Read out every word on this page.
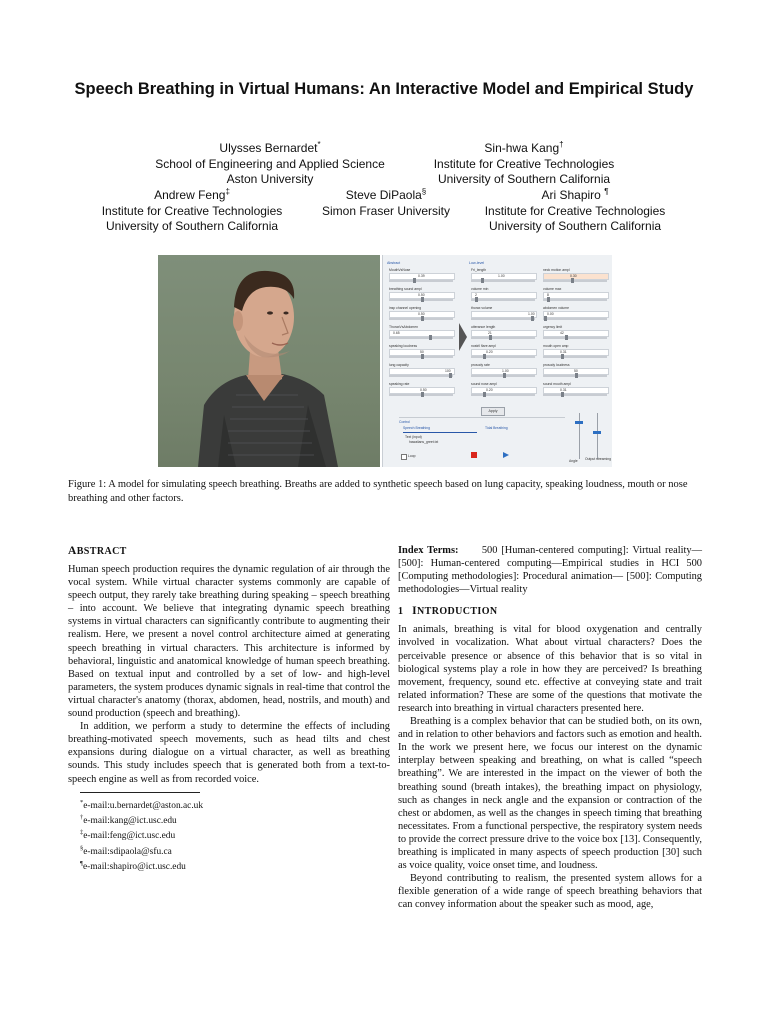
Speech Breathing in Virtual Humans: An Interactive Model and Empirical Study
Ulysses Bernardet*
School of Engineering and Applied Science
Aston University
Sin-hwa Kang†
Institute for Creative Technologies
University of Southern California
Andrew Feng‡
Institute for Creative Technologies
University of Southern California
Steve DiPaola§
Simon Fraser University
Ari Shapiro ¶
Institute for Creative Technologies
University of Southern California
Abstract
MouthVsNose
0.39
breathing sound ampl
0.50
insp channel opening
0.50
ThoraxVsAbdomen
0.65
speaking loudness
50
lung capacity
100
speaking rate
0.50
Low-level
Fri_length
1.00
volume min
2
thorax volume
1.00
utterance length
21
nostril flare ampl
0.20
prosody rate
1.00
sound nose ampl
0.20
neck motion ampl
0.30
volume max
8
abdomen volume
0.00
urgency limit
42
mouth open amp
0.31
prosody loudness
50
sound mouth ampl
0.31
Apply
Control
Speech Breathing	Tidal Breathing
Text (input)
hawaiians_greet.txt
Loop
Angle Output streaming
Figure 1: A model for simulating speech breathing. Breaths are added to synthetic speech based on lung capacity, speaking loudness, mouth or nose breathing and other factors.
ABSTRACT

Human speech production requires the dynamic regulation of air through the vocal system. While virtual character systems commonly are capable of speech output, they rarely take breathing during speaking – speech breathing – into account. We believe that integrating dynamic speech breathing systems in virtual characters can significantly contribute to augmenting their realism. Here, we present a novel control architecture aimed at generating speech breathing in virtual characters. This architecture is informed by behavioral, linguistic and anatomical knowledge of human speech breathing. Based on textual input and controlled by a set of low- and high-level parameters, the system produces dynamic signals in real-time that control the virtual character's anatomy (thorax, abdomen, head, nostrils, and mouth) and sound production (speech and breathing).

In addition, we perform a study to determine the effects of including breathing-motivated speech movements, such as head tilts and chest expansions during dialogue on a virtual character, as well as breathing sounds. This study includes speech that is generated both from a text-to-speech engine as well as from recorded voice.

*e-mail:u.bernardet@aston.ac.uk
†e-mail:kang@ict.usc.edu
‡e-mail:feng@ict.usc.edu
§e-mail:sdipaola@sfu.ca
¶e-mail:shapiro@ict.usc.edu

Index Terms: 500 [Human-centered computing]: Virtual reality— [500]: Human-centered computing—Empirical studies in HCI 500 [Computing methodologies]: Procedural animation— [500]: Computing methodologies—Virtual reality

1 INTRODUCTION

In animals, breathing is vital for blood oxygenation and centrally involved in vocalization. What about virtual characters? Does the perceivable presence or absence of this behavior that is so vital in biological systems play a role in how they are perceived? Is breathing movement, frequency, sound etc. effective at conveying state and trait related information? These are some of the questions that motivate the research into breathing in virtual characters presented here.

Breathing is a complex behavior that can be studied both, on its own, and in relation to other behaviors and factors such as emotion and health. In the work we present here, we focus our interest on the dynamic interplay between speaking and breathing, on what is called “speech breathing”. We are interested in the impact on the viewer of both the breathing sound (breath intakes), the breathing impact on physiology, such as changes in neck angle and the expansion or contraction of the chest or abdomen, as well as the changes in speech timing that breathing necessitates. From a functional perspective, the respiratory system needs to provide the correct pressure drive to the voice box [13]. Consequently, breathing is implicated in many aspects of speech production [30] such as voice quality, voice onset time, and loudness.

Beyond contributing to realism, the presented system allows for a flexible generation of a wide range of speech breathing behaviors that can convey information about the speaker such as mood, age,
